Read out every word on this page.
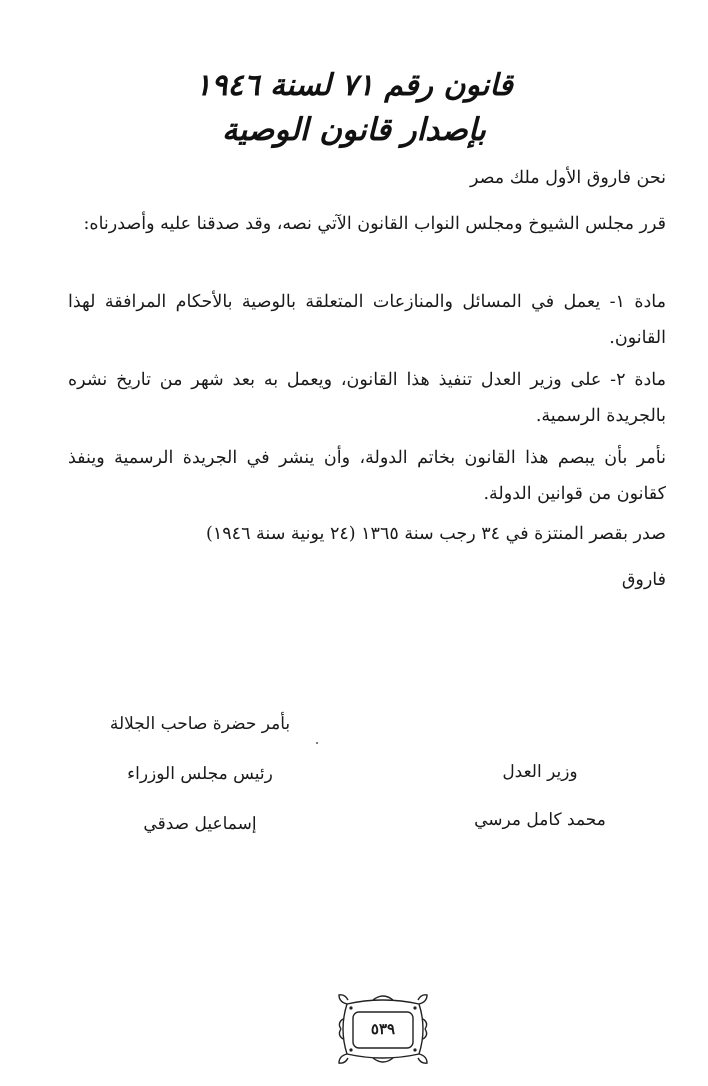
قانون رقم ٧١ لسنة ١٩٤٦
بإصدار قانون الوصية
نحن فاروق الأول ملك مصر
قرر مجلس الشيوخ ومجلس النواب القانون الآتي نصه، وقد صدقنا عليه وأصدرناه:
مادة ١- يعمل في المسائل والمنازعات المتعلقة بالوصية بالأحكام المرافقة لهذا القانون.
مادة ٢- على وزير العدل تنفيذ هذا القانون، ويعمل به بعد شهر من تاريخ نشره بالجريدة الرسمية.
نأمر بأن يبصم هذا القانون بخاتم الدولة، وأن ينشر في الجريدة الرسمية وينفذ كقانون من قوانين الدولة.
صدر بقصر المنتزة في ٣٤ رجب سنة ١٣٦٥ (٢٤ يونية سنة ١٩٤٦)
فاروق
بأمر حضرة صاحب الجلالة
رئيس مجلس الوزراء
إسماعيل صدقي
وزير العدل
محمد كامل مرسي
٥٣٩
